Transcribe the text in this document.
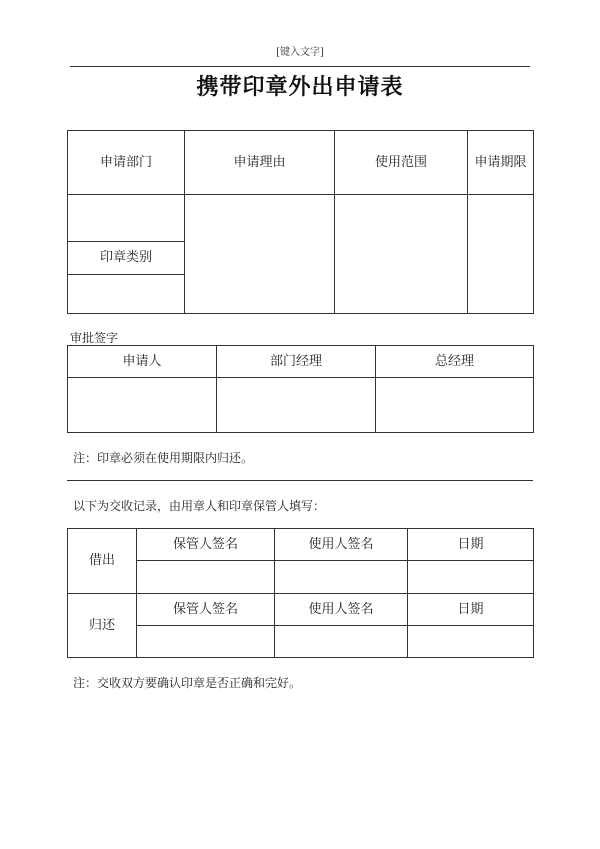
[键入文字]
携带印章外出申请表
申请部门	申请理由	使用范围	申请期限

印章类别			

审批签字
申请人	部门经理	总经理

注：印章必须在使用期限内归还。
以下为交收记录，由用章人和印章保管人填写：
借出	保管人签名	使用人签名	日期

归还	保管人签名	使用人签名	日期

注：交收双方要确认印章是否正确和完好。
